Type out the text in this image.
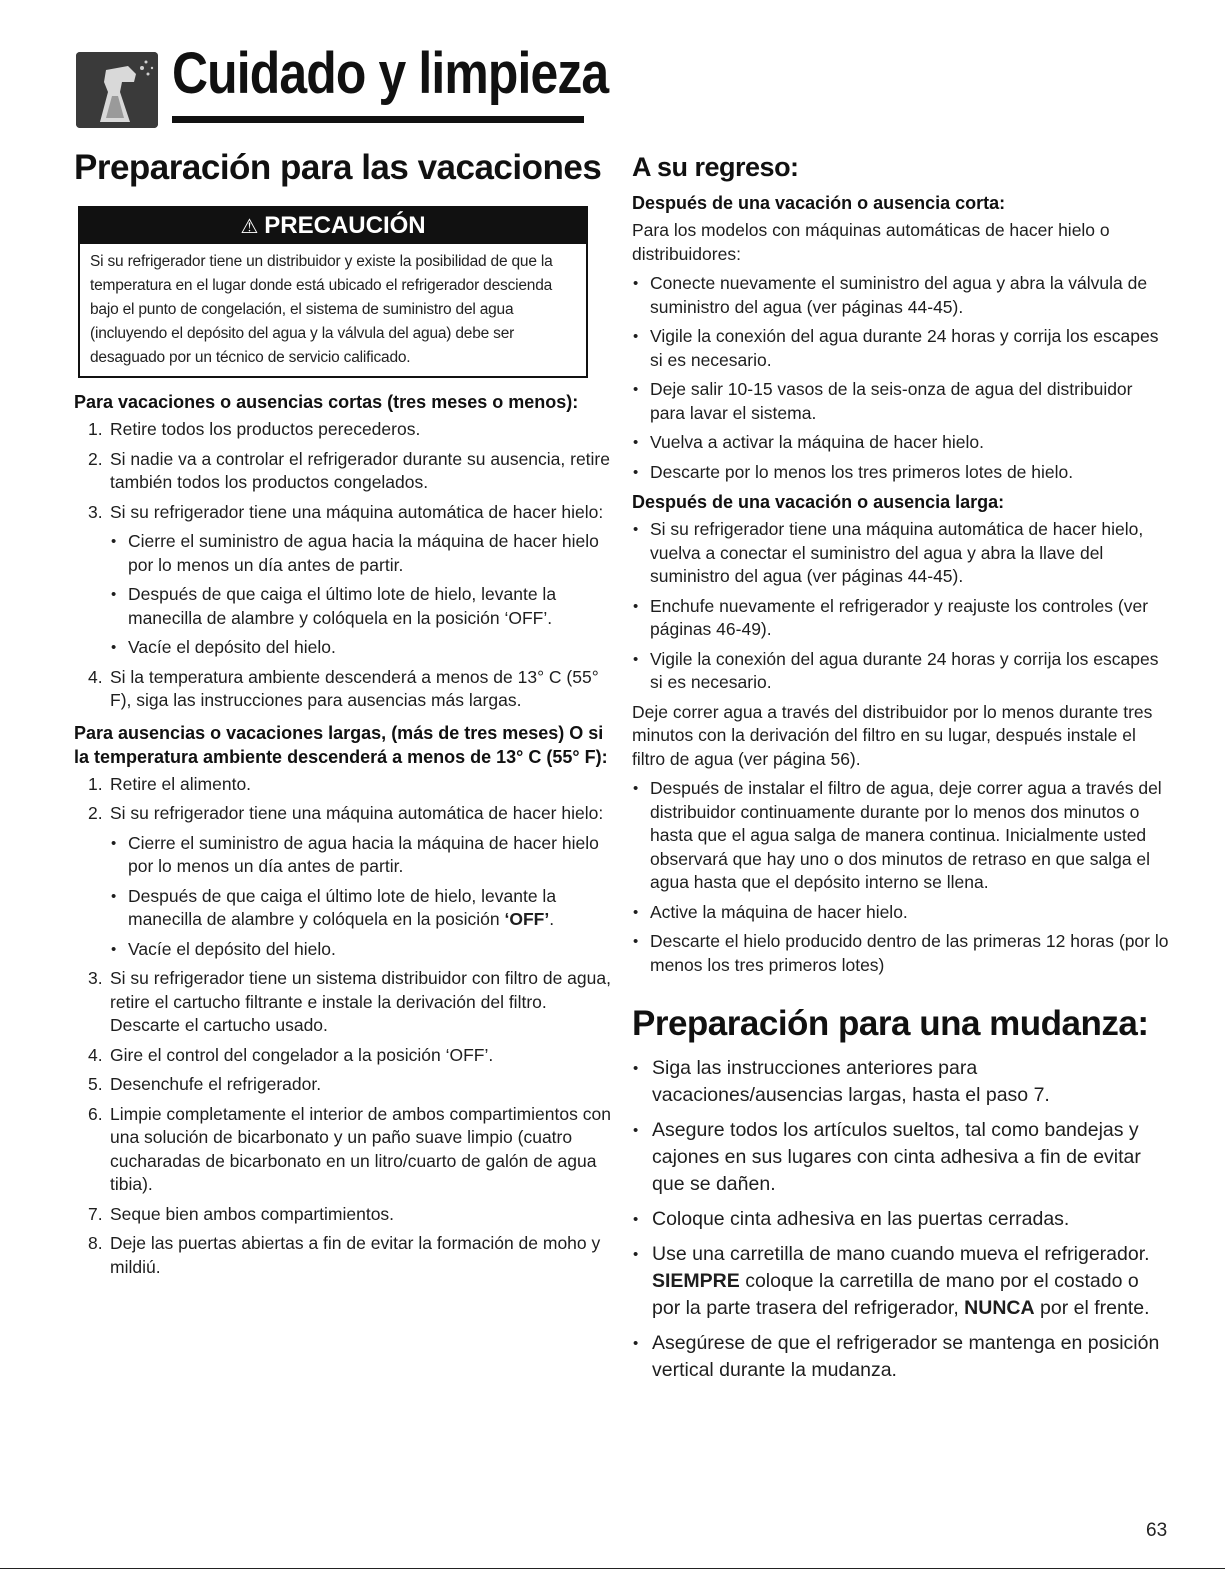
Cuidado y limpieza
Preparación para las vacaciones
⚠ PRECAUCIÓN
Si su refrigerador tiene un distribuidor y existe la posibilidad de que la temperatura en el lugar donde está ubicado el refrigerador descienda bajo el punto de congelación, el sistema de suministro del agua (incluyendo el depósito del agua y la válvula del agua) debe ser desaguado por un técnico de servicio calificado.
Para vacaciones o ausencias cortas (tres meses o menos):
1. Retire todos los productos perecederos.
2. Si nadie va a controlar el refrigerador durante su ausencia, retire también todos los productos congelados.
3. Si su refrigerador tiene una máquina automática de hacer hielo:
• Cierre el suministro de agua hacia la máquina de hacer hielo por lo menos un día antes de partir.
• Después de que caiga el último lote de hielo, levante la manecilla de alambre y colóquela en la posición ‘OFF’.
• Vacíe el depósito del hielo.
4. Si la temperatura ambiente descenderá a menos de 13° C (55° F), siga las instrucciones para ausencias más largas.
Para ausencias o vacaciones largas, (más de tres meses) O si la temperatura ambiente descenderá a menos de 13° C (55° F):
1. Retire el alimento.
2. Si su refrigerador tiene una máquina automática de hacer hielo:
• Cierre el suministro de agua hacia la máquina de hacer hielo por lo menos un día antes de partir.
• Después de que caiga el último lote de hielo, levante la manecilla de alambre y colóquela en la posición ‘OFF’.
• Vacíe el depósito del hielo.
3. Si su refrigerador tiene un sistema distribuidor con filtro de agua, retire el cartucho filtrante e instale la derivación del filtro. Descarte el cartucho usado.
4. Gire el control del congelador a la posición ‘OFF’.
5. Desenchufe el refrigerador.
6. Limpie completamente el interior de ambos compartimientos con una solución de bicarbonato y un paño suave limpio (cuatro cucharadas de bicarbonato en un litro/cuarto de galón de agua tibia).
7. Seque bien ambos compartimientos.
8. Deje las puertas abiertas a fin de evitar la formación de moho y mildiú.
A su regreso:
Después de una vacación o ausencia corta:

Para los modelos con máquinas automáticas de hacer hielo o distribuidores:

• Conecte nuevamente el suministro del agua y abra la válvula de suministro del agua (ver páginas 44-45).
• Vigile la conexión del agua durante 24 horas y corrija los escapes si es necesario.
• Deje salir 10-15 vasos de la seis-onza de agua del distribuidor para lavar el sistema.
• Vuelva a activar la máquina de hacer hielo.
• Descarte por lo menos los tres primeros lotes de hielo.
Después de una vacación o ausencia larga:
• Si su refrigerador tiene una máquina automática de hacer hielo, vuelva a conectar el suministro del agua y abra la llave del suministro del agua (ver páginas 44-45).
• Enchufe nuevamente el refrigerador y reajuste los controles (ver páginas 46-49).
• Vigile la conexión del agua durante 24 horas y corrija los escapes si es necesario.

Deje correr agua a través del distribuidor por lo menos durante tres minutos con la derivación del filtro en su lugar, después instale el filtro de agua (ver página 56).

• Después de instalar el filtro de agua, deje correr agua a través del distribuidor continuamente durante por lo menos dos minutos o hasta que el agua salga de manera continua. Inicialmente usted observará que hay uno o dos minutos de retraso en que salga el agua hasta que el depósito interno se llena.
• Active la máquina de hacer hielo.
• Descarte el hielo producido dentro de las primeras 12 horas (por lo menos los tres primeros lotes)
Preparación para una mudanza:
• Siga las instrucciones anteriores para vacaciones/ausencias largas, hasta el paso 7.
• Asegure todos los artículos sueltos, tal como bandejas y cajones en sus lugares con cinta adhesiva a fin de evitar que se dañen.
• Coloque cinta adhesiva en las puertas cerradas.
• Use una carretilla de mano cuando mueva el refrigerador. SIEMPRE coloque la carretilla de mano por el costado o por la parte trasera del refrigerador, NUNCA por el frente.
• Asegúrese de que el refrigerador se mantenga en posición vertical durante la mudanza.
63
